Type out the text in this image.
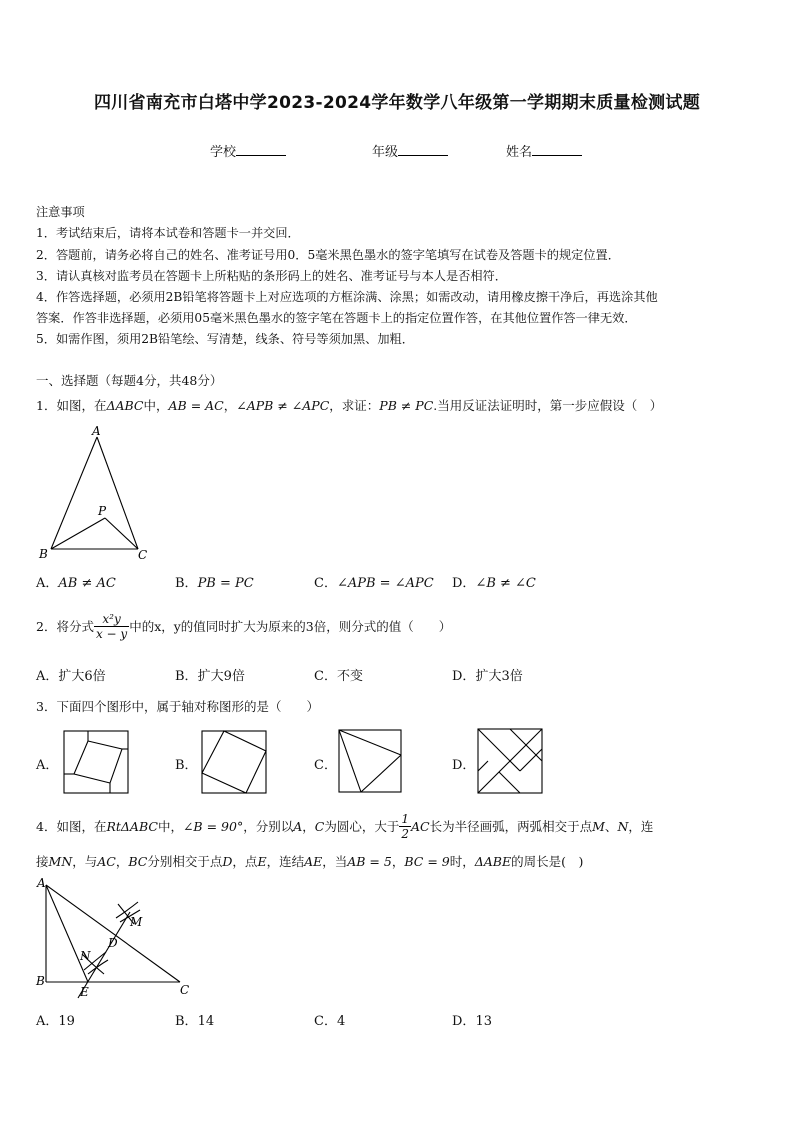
四川省南充市白塔中学2023-2024学年数学八年级第一学期期末质量检测试题
学校	年级	姓名
注意事项
1．考试结束后，请将本试卷和答题卡一并交回．
2．答题前，请务必将自己的姓名、准考证号用0．5毫米黑色墨水的签字笔填写在试卷及答题卡的规定位置．
3．请认真核对监考员在答题卡上所粘贴的条形码上的姓名、准考证号与本人是否相符．
4．作答选择题，必须用2B铅笔将答题卡上对应选项的方框涂满、涂黑；如需改动，请用橡皮擦干净后，再选涂其他
答案．作答非选择题，必须用05毫米黑色墨水的签字笔在答题卡上的指定位置作答，在其他位置作答一律无效．
5．如需作图，须用2B铅笔绘、写清楚，线条、符号等须加黑、加粗．
一、选择题（每题4分，共48分）
1．如图，在ΔABC中，AB = AC，∠APB ≠ ∠APC，求证：PB ≠ PC.当用反证法证明时，第一步应假设（　）
A
B	C
P
A．AB ≠ AC	B．PB = PC	C．∠APB = ∠APC D．∠B ≠ ∠C
2．将分式 $\frac{\text{x²y}}{x - y}$ 中的x，y的值同时扩大为原来的3倍，则分式的值（　　）
A．扩大6倍	B．扩大9倍	C．不变	D．扩大3倍
3．下面四个图形中，属于轴对称图形的是（　　）
A．	B．	C．	D．
4．如图，在 RtΔABC 中， ∠B = 90° ，分别以 A ， C 为圆心，大于 $\frac{1}{2}$ AC 长为半径画弧，两弧相交于点 M 、 N ，连
接MN，与AC，BC分别相交于点D，点E，连结AE，当AB = 5，BC = 9时，ΔABE的周长是(　)
A
B
C
D
E
M
N
A．19	B．14	C．4	D．13
